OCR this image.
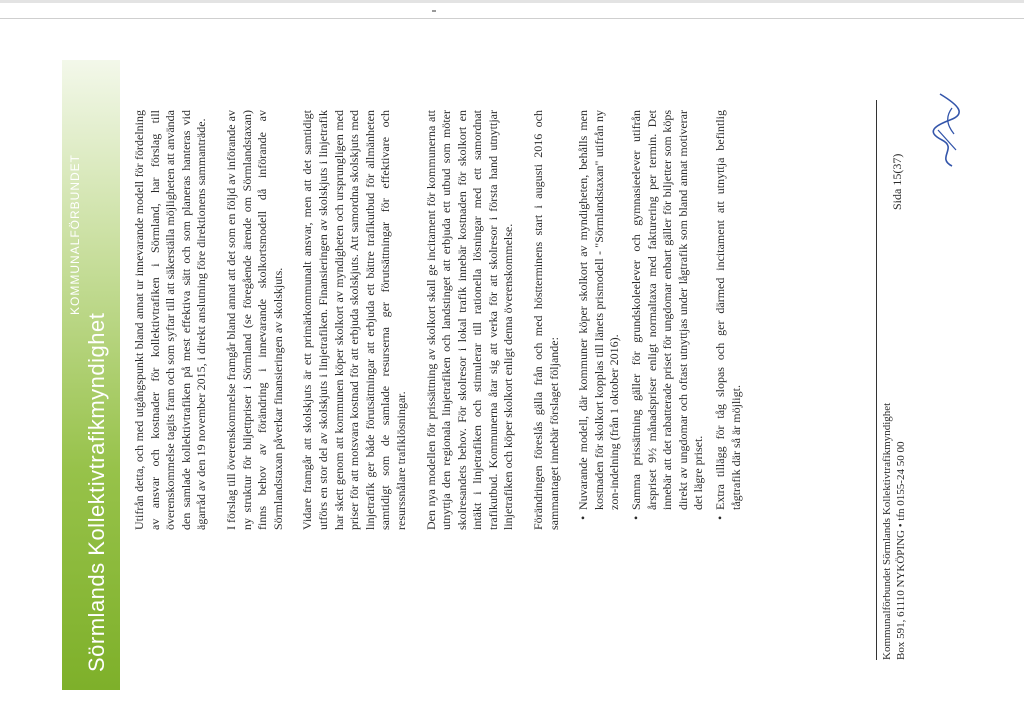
KOMMUNALFÖRBUNDET
Sörmlands Kollektivtrafikmyndighet Utifrån detta, och med utgångspunkt bland annat ur innevarande modell för fördelning av ansvar och kostnader för kollektivtrafiken i Sörmland, har förslag till överenskommelse tagits fram och som syftar till att säkerställa möjligheten att använda den samlade kollektivtrafiken på mest effektiva sätt och som planeras hanteras vid ägarråd av den 19 november 2015, i direkt anslutning före direktionens sammanträde. I förslag till överenskommelse framgår bland annat att det som en följd av införande av ny struktur för biljettpriser i Sörmland (se föregående ärende om Sörmlandstaxan) finns behov av förändring i innevarande skolkortsmodell då införande av Sörmlandstaxan påverkar finansieringen av skolskjuts. Vidare framgår att skolskjuts är ett primärkommunalt ansvar, men att det samtidigt utförs en stor del av skolskjuts i linjetrafiken. Finansieringen av skolskjuts i linjetrafik har skett genom att kommunen köper skolkort av myndigheten och ursprungligen med priser för att motsvara kostnad för att erbjuda skolskjuts. Att samordna skolskjuts med linjetrafik ger både förutsättningar att erbjuda ett bättre trafikutbud för allmänheten samtidigt som de samlade resurserna ger förutsättningar för effektivare och resurssnålare trafiklösningar. Den nya modellen för prissättning av skolkort skall ge incitament för kommunerna att utnyttja den regionala linjetrafiken och landstinget att erbjuda ett utbud som möter skolresandets behov. För skolresor i lokal trafik innebär kostnaden för skolkort en intäkt i linjetrafiken och stimulerar till rationella lösningar med ett samordnat trafikutbud. Kommunerna åtar sig att verka för att skolresor i första hand utnyttjar linjetrafiken och köper skolkort enligt denna överenskommelse. Förändringen föreslås gälla från och med höstterminens start i augusti 2016 och sammantaget innebär förslaget följande: • Nuvarande modell, där kommuner köper skolkort av myndigheten, behålls men kostnaden för skolkort kopplas till länets prismodell - "Sörmlandstaxan" utifrån ny zon-indelning (från 1 oktober 2016). • Samma prissättning gäller för grundskoleelever och gymnasieelever utifrån årspriset 9½ månadspriser enligt normaltaxa med fakturering per termin. Det innebär att det rabatterade priset för ungdomar enbart gäller för biljetter som köps direkt av ungdomar och oftast utnyttjas under lågtrafik som bland annat motiverar det lägre priset. • Extra tillägg för tåg slopas och ger därmed incitament att utnyttja befintlig tågtrafik där så är möjligt.	Kommunalförbundet Sörmlands Kollektivtrafikmyndighet Box 591, 61110 NYKÖPING • tfn 0155-24 50 00
Sida 15(37)
